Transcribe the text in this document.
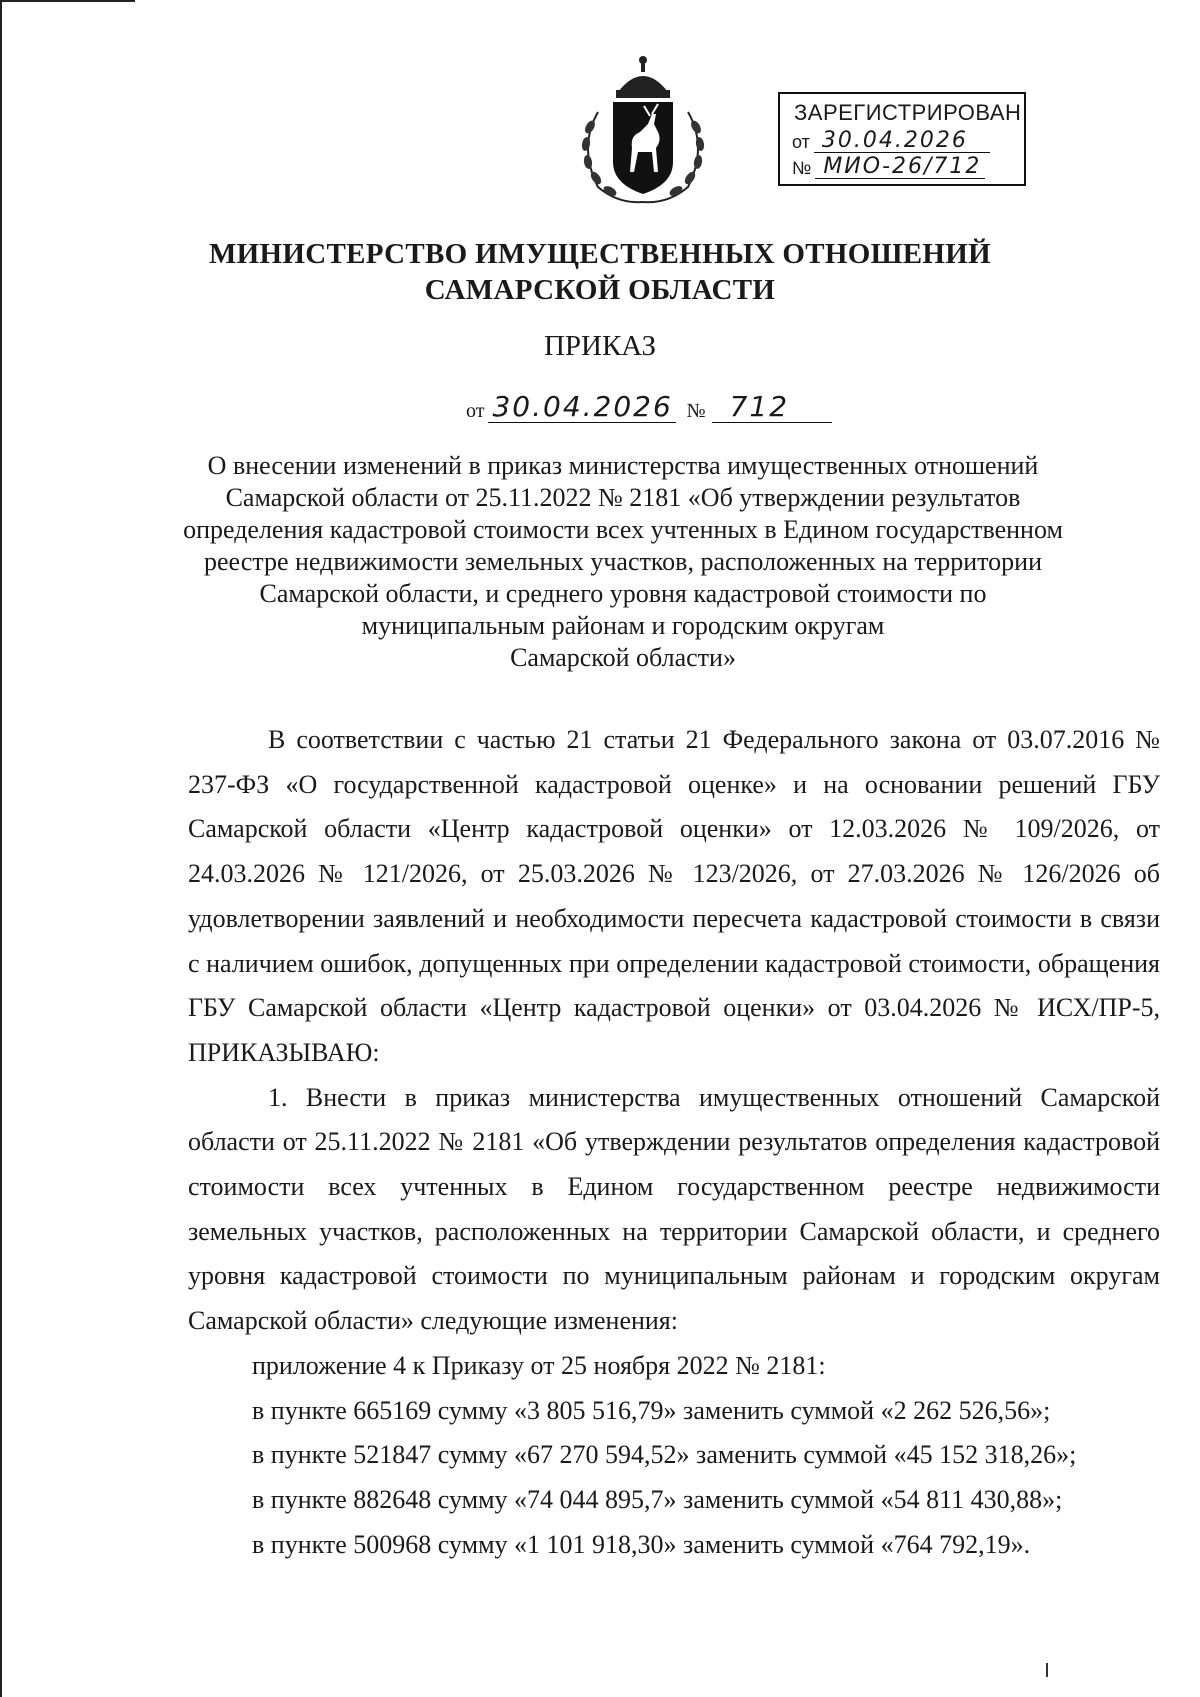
ЗАРЕГИСТРИРОВАН
от 30.04.2026
№ МИО-26/712
МИНИСТЕРСТВО ИМУЩЕСТВЕННЫХ ОТНОШЕНИЙ
САМАРСКОЙ ОБЛАСТИ
ПРИКАЗ
от 30.04.2026 № 712
О внесении изменений в приказ министерства имущественных отношений
Самарской области от 25.11.2022 № 2181 «Об утверждении результатов
определения кадастровой стоимости всех учтенных в Едином государственном
реестре недвижимости земельных участков, расположенных на территории
Самарской области, и среднего уровня кадастровой стоимости по
муниципальным районам и городским округам
Самарской области»

В соответствии с частью 21 статьи 21 Федерального закона от 03.07.2016 № 237-ФЗ «О государственной кадастровой оценке» и на основании решений ГБУ Самарской области «Центр кадастровой оценки» от 12.03.2026 № 109/2026, от 24.03.2026 № 121/2026, от 25.03.2026 № 123/2026, от 27.03.2026 № 126/2026 об удовлетворении заявлений и необходимости пересчета кадастровой стоимости в связи с наличием ошибок, допущенных при определении кадастровой стоимости, обращения ГБУ Самарской области «Центр кадастровой оценки» от 03.04.2026 № ИСХ/ПР-5, ПРИКАЗЫВАЮ:

1. Внести в приказ министерства имущественных отношений Самарской области от 25.11.2022 № 2181 «Об утверждении результатов определения кадастровой стоимости всех учтенных в Едином государственном реестре недвижимости земельных участков, расположенных на территории Самарской области, и среднего уровня кадастровой стоимости по муниципальным районам и городским округам Самарской области» следующие изменения:

приложение 4 к Приказу от 25 ноября 2022 № 2181:

в пункте 665169 сумму «3 805 516,79» заменить суммой «2 262 526,56»;

в пункте 521847 сумму «67 270 594,52» заменить суммой «45 152 318,26»;

в пункте 882648 сумму «74 044 895,7» заменить суммой «54 811 430,88»;

в пункте 500968 сумму «1 101 918,30» заменить суммой «764 792,19».
